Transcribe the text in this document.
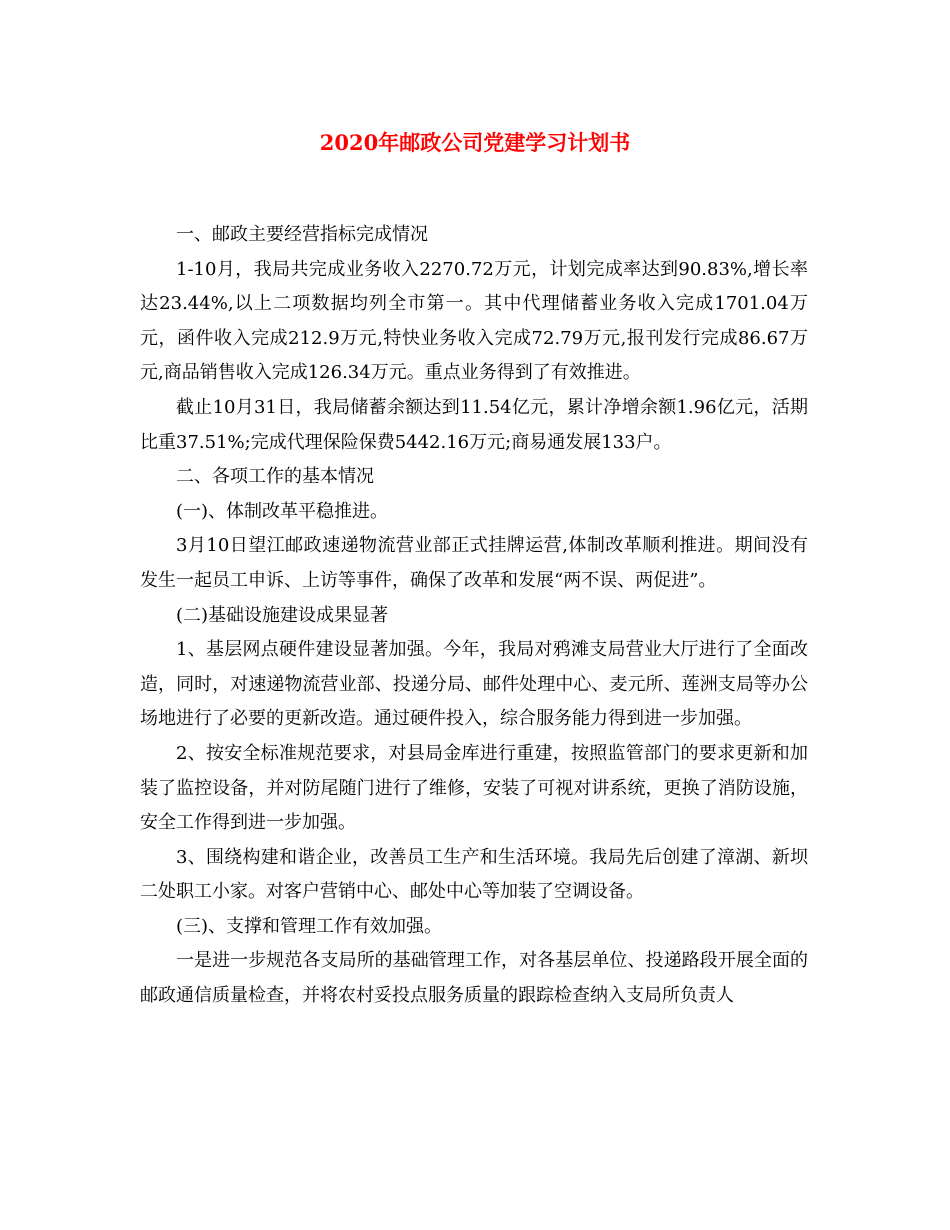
2020年邮政公司党建学习计划书

一、邮政主要经营指标完成情况

1-10月，我局共完成业务收入2270.72万元，计划完成率达到90.83%,增长率达23.44%,以上二项数据均列全市第一。其中代理储蓄业务收入完成1701.04万元，函件收入完成212.9万元,特快业务收入完成72.79万元,报刊发行完成86.67万元,商品销售收入完成126.34万元。重点业务得到了有效推进。

截止10月31日，我局储蓄余额达到11.54亿元，累计净增余额1.96亿元，活期比重37.51%;完成代理保险保费5442.16万元;商易通发展133户。

二、各项工作的基本情况

(一)、体制改革平稳推进。

3月10日望江邮政速递物流营业部正式挂牌运营,体制改革顺利推进。期间没有发生一起员工申诉、上访等事件，确保了改革和发展“两不误、两促进”。

(二)基础设施建设成果显著

1、基层网点硬件建设显著加强。今年，我局对鸦滩支局营业大厅进行了全面改造，同时，对速递物流营业部、投递分局、邮件处理中心、麦元所、莲洲支局等办公场地进行了必要的更新改造。通过硬件投入，综合服务能力得到进一步加强。

2、按安全标准规范要求，对县局金库进行重建，按照监管部门的要求更新和加装了监控设备，并对防尾随门进行了维修，安装了可视对讲系统，更换了消防设施，安全工作得到进一步加强。

3、围绕构建和谐企业，改善员工生产和生活环境。我局先后创建了漳湖、新坝二处职工小家。对客户营销中心、邮处中心等加装了空调设备。

(三)、支撑和管理工作有效加强。

一是进一步规范各支局所的基础管理工作，对各基层单位、投递路段开展全面的邮政通信质量检查，并将农村妥投点服务质量的跟踪检查纳入支局所负责人
